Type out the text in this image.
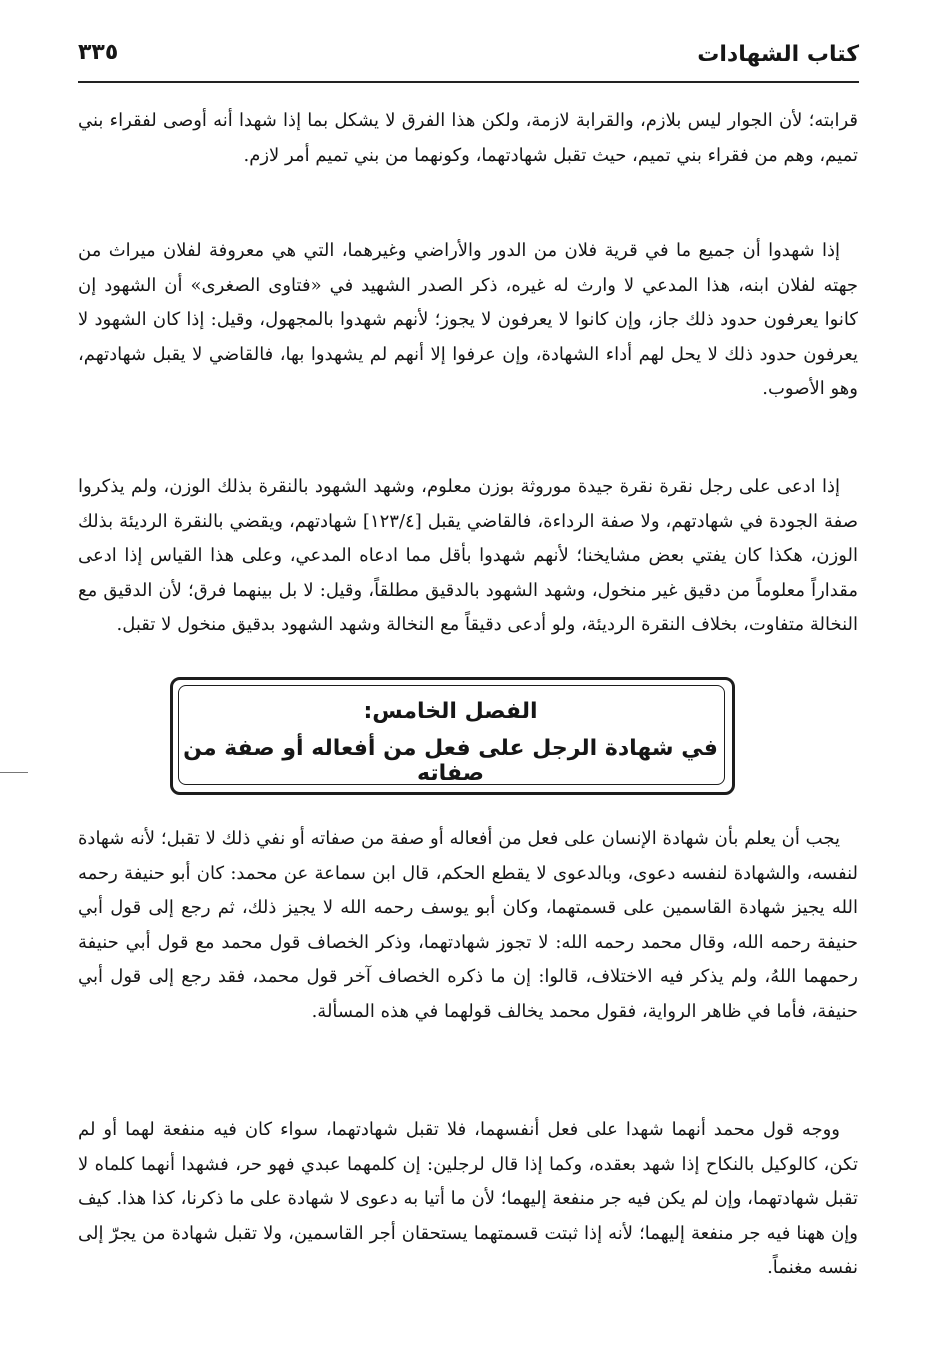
كتاب الشهادات
٣٣٥
قرابته؛ لأن الجوار ليس بلازم، والقرابة لازمة، ولكن هذا الفرق لا يشكل بما إذا شهدا أنه أوصى لفقراء بني تميم، وهم من فقراء بني تميم، حيث تقبل شهادتهما، وكونهما من بني تميم أمر لازم.
إذا شهدوا أن جميع ما في قرية فلان من الدور والأراضي وغيرهما، التي هي معروفة لفلان ميراث من جهته لفلان ابنه، هذا المدعي لا وارث له غيره، ذكر الصدر الشهيد في «فتاوى الصغرى» أن الشهود إن كانوا يعرفون حدود ذلك جاز، وإن كانوا لا يعرفون لا يجوز؛ لأنهم شهدوا بالمجهول، وقيل: إذا كان الشهود لا يعرفون حدود ذلك لا يحل لهم أداء الشهادة، وإن عرفوا إلا أنهم لم يشهدوا بها، فالقاضي لا يقبل شهادتهم، وهو الأصوب.
إذا ادعى على رجل نقرة نقرة جيدة موروثة بوزن معلوم، وشهد الشهود بالنقرة بذلك الوزن، ولم يذكروا صفة الجودة في شهادتهم، ولا صفة الرداءة، فالقاضي يقبل [١٢٣/٤] شهادتهم، ويقضي بالنقرة الرديئة بذلك الوزن، هكذا كان يفتي بعض مشايخنا؛ لأنهم شهدوا بأقل مما ادعاه المدعي، وعلى هذا القياس إذا ادعى مقداراً معلوماً من دقيق غير منخول، وشهد الشهود بالدقيق مطلقاً، وقيل: لا بل بينهما فرق؛ لأن الدقيق مع النخالة متفاوت، بخلاف النقرة الرديئة، ولو أدعى دقيقاً مع النخالة وشهد الشهود بدقيق منخول لا تقبل.
الفصل الخامس:
في شهادة الرجل على فعل من أفعاله أو صفة من صفاته
يجب أن يعلم بأن شهادة الإنسان على فعل من أفعاله أو صفة من صفاته أو نفي ذلك لا تقبل؛ لأنه شهادة لنفسه، والشهادة لنفسه دعوى، وبالدعوى لا يقطع الحكم، قال ابن سماعة عن محمد: كان أبو حنيفة رحمه الله يجيز شهادة القاسمين على قسمتهما، وكان أبو يوسف رحمه الله لا يجيز ذلك، ثم رجع إلى قول أبي حنيفة رحمه الله، وقال محمد رحمه الله: لا تجوز شهادتهما، وذكر الخصاف قول محمد مع قول أبي حنيفة رحمهما اللهُ، ولم يذكر فيه الاختلاف، قالوا: إن ما ذكره الخصاف آخر قول محمد، فقد رجع إلى قول أبي حنيفة، فأما في ظاهر الرواية، فقول محمد يخالف قولهما في هذه المسألة.
ووجه قول محمد أنهما شهدا على فعل أنفسهما، فلا تقبل شهادتهما، سواء كان فيه منفعة لهما أو لم تكن، كالوكيل بالنكاح إذا شهد بعقده، وكما إذا قال لرجلين: إن كلمهما عبدي فهو حر، فشهدا أنهما كلماه لا تقبل شهادتهما، وإن لم يكن فيه جر منفعة إليهما؛ لأن ما أتيا به دعوى لا شهادة على ما ذكرنا، كذا هذا. كيف وإن ههنا فيه جر منفعة إليهما؛ لأنه إذا ثبتت قسمتهما يستحقان أجر القاسمين، ولا تقبل شهادة من يجرّ إلى نفسه مغنماً.
